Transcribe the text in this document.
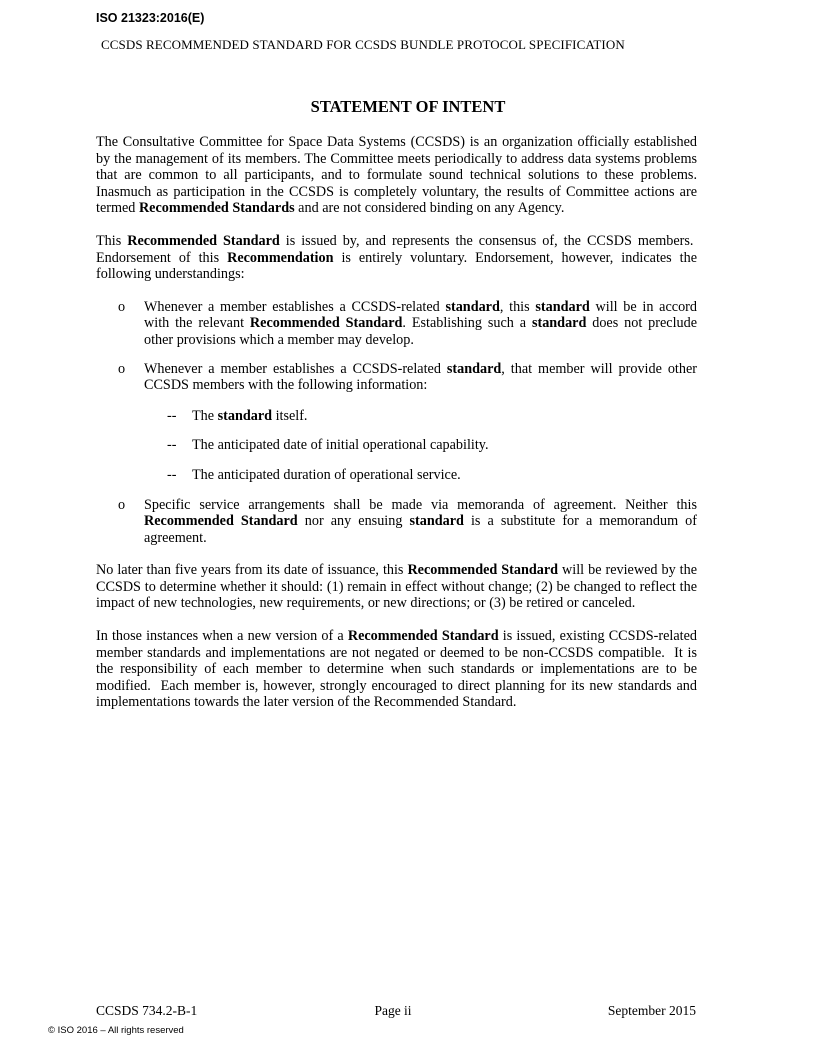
ISO 21323:2016(E)
CCSDS RECOMMENDED STANDARD FOR CCSDS BUNDLE PROTOCOL SPECIFICATION
STATEMENT OF INTENT

The Consultative Committee for Space Data Systems (CCSDS) is an organization officially established by the management of its members. The Committee meets periodically to address data systems problems that are common to all participants, and to formulate sound technical solutions to these problems. Inasmuch as participation in the CCSDS is completely voluntary, the results of Committee actions are termed Recommended Standards and are not considered binding on any Agency.

This Recommended Standard is issued by, and represents the consensus of, the CCSDS members.  Endorsement of this Recommendation is entirely voluntary. Endorsement, however, indicates the following understandings:

o Whenever a member establishes a CCSDS-related standard, this standard will be in accord with the relevant Recommended Standard. Establishing such a standard does not preclude other provisions which a member may develop.
o Whenever a member establishes a CCSDS-related standard, that member will provide other CCSDS members with the following information:
-- The standard itself.
-- The anticipated date of initial operational capability.
-- The anticipated duration of operational service.
o Specific service arrangements shall be made via memoranda of agreement. Neither this Recommended Standard nor any ensuing standard is a substitute for a memorandum of agreement.

No later than five years from its date of issuance, this Recommended Standard will be reviewed by the CCSDS to determine whether it should: (1) remain in effect without change; (2) be changed to reflect the impact of new technologies, new requirements, or new directions; or (3) be retired or canceled.

In those instances when a new version of a Recommended Standard is issued, existing CCSDS-related member standards and implementations are not negated or deemed to be non-CCSDS compatible.  It is the responsibility of each member to determine when such standards or implementations are to be modified.  Each member is, however, strongly encouraged to direct planning for its new standards and implementations towards the later version of the Recommended Standard.

CCSDS 734.2-B-1	Page ii	September 2015
© ISO 2016 – All rights reserved
